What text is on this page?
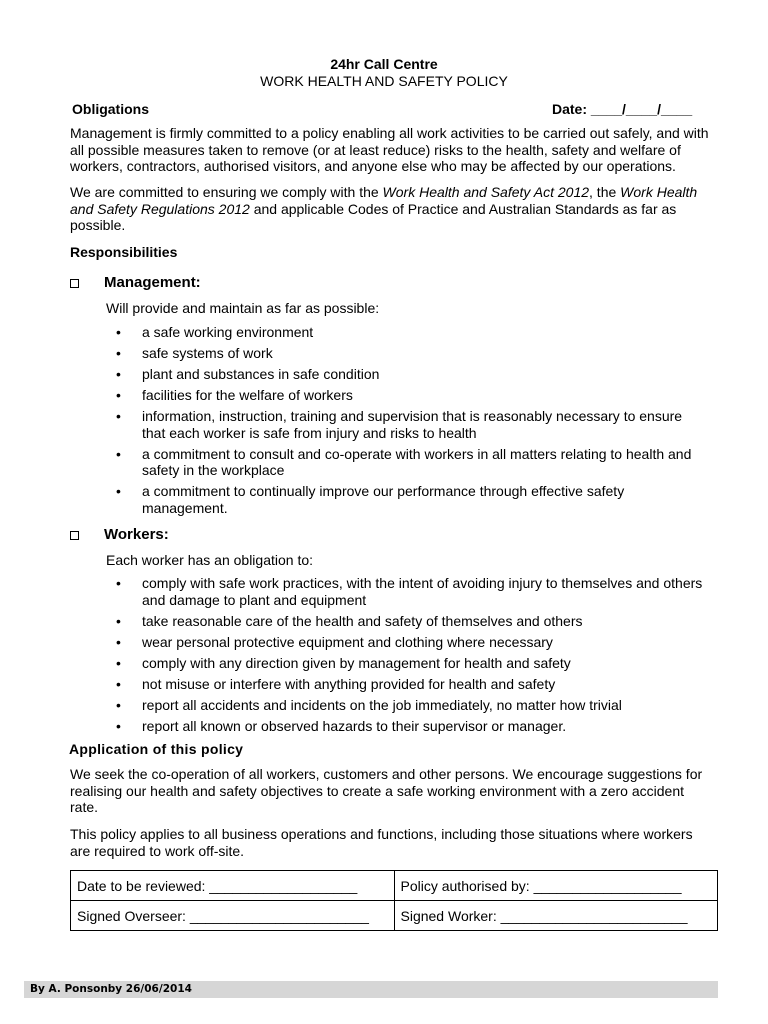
24hr Call Centre
WORK HEALTH AND SAFETY POLICY
Obligations	Date: ____/____/____
Management is firmly committed to a policy enabling all work activities to be carried out safely, and with all possible measures taken to remove (or at least reduce) risks to the health, safety and welfare of workers, contractors, authorised visitors, and anyone else who may be affected by our operations.
We are committed to ensuring we comply with the Work Health and Safety Act 2012, the Work Health and Safety Regulations 2012 and applicable Codes of Practice and Australian Standards as far as possible.
Responsibilities
Management:
Will provide and maintain as far as possible:
• a safe working environment
• safe systems of work
• plant and substances in safe condition
• facilities for the welfare of workers
• information, instruction, training and supervision that is reasonably necessary to ensure that each worker is safe from injury and risks to health
• a commitment to consult and co-operate with workers in all matters relating to health and safety in the workplace
• a commitment to continually improve our performance through effective safety management.
Workers:
Each worker has an obligation to:
• comply with safe work practices, with the intent of avoiding injury to themselves and others and damage to plant and equipment
• take reasonable care of the health and safety of themselves and others
• wear personal protective equipment and clothing where necessary
• comply with any direction given by management for health and safety
• not misuse or interfere with anything provided for health and safety
• report all accidents and incidents on the job immediately, no matter how trivial
• report all known or observed hazards to their supervisor or manager.
Application of this policy
We seek the co-operation of all workers, customers and other persons. We encourage suggestions for realising our health and safety objectives to create a safe working environment with a zero accident rate.
This policy applies to all business operations and functions, including those situations where workers are required to work off-site.
Date to be reviewed: ___________________	Policy authorised by: ___________________
Signed Overseer: _______________________	Signed Worker: ________________________
By A. Ponsonby 26/06/2014
